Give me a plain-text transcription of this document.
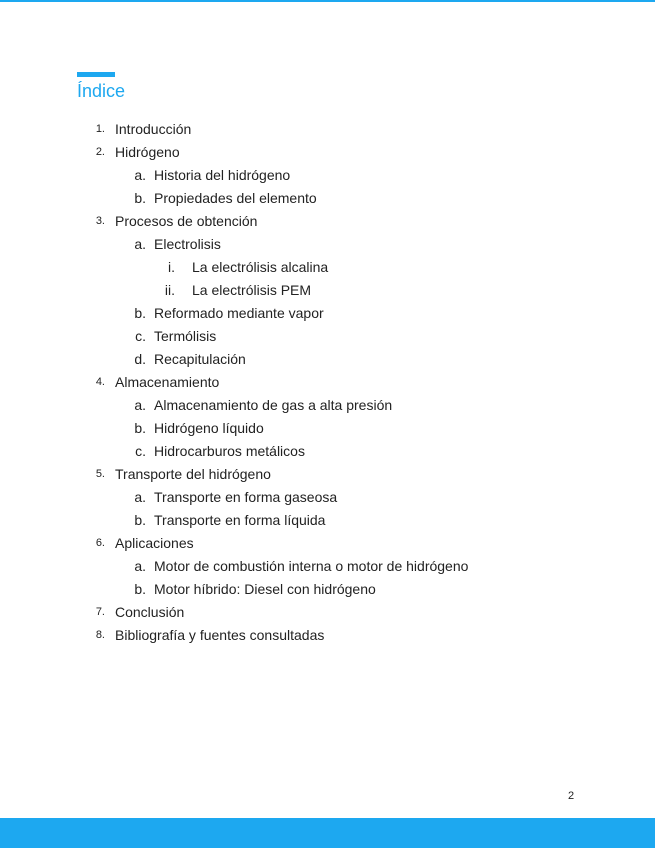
Índice
1. Introducción
2. Hidrógeno
a. Historia del hidrógeno
b. Propiedades del elemento
3. Procesos de obtención
a. Electrolisis
i. La electrólisis alcalina
ii. La electrólisis PEM
b. Reformado mediante vapor
c. Termólisis
d. Recapitulación
4. Almacenamiento
a. Almacenamiento de gas a alta presión
b. Hidrógeno líquido
c. Hidrocarburos metálicos
5. Transporte del hidrógeno
a. Transporte en forma gaseosa
b. Transporte en forma líquida
6. Aplicaciones
a. Motor de combustión interna o motor de hidrógeno
b. Motor híbrido: Diesel con hidrógeno
7. Conclusión
8. Bibliografía y fuentes consultadas
2
